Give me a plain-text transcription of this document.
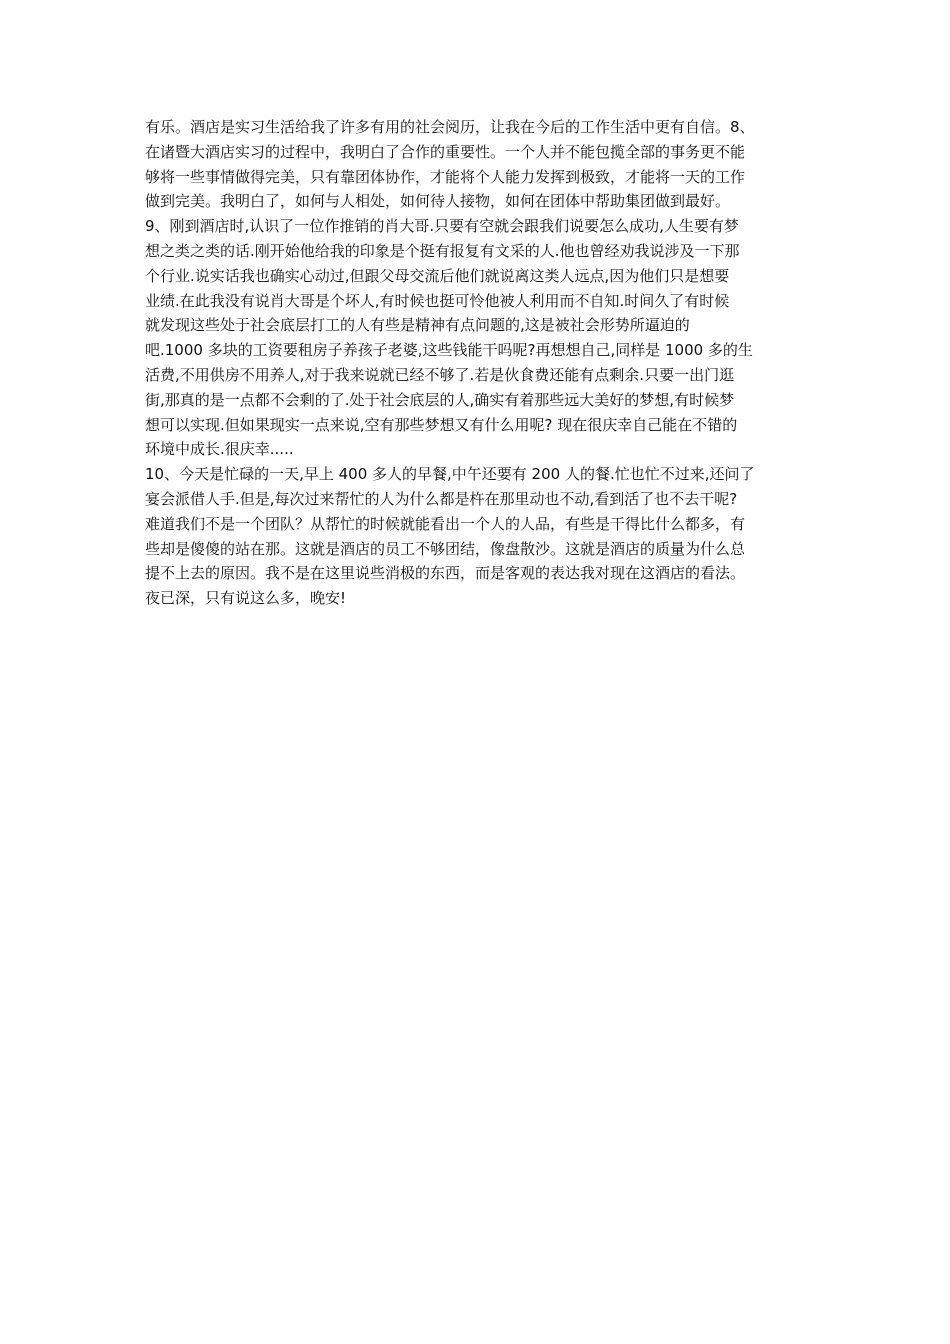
有乐。酒店是实习生活给我了许多有用的社会阅历，让我在今后的工作生活中更有自信。8、
在诸暨大酒店实习的过程中，我明白了合作的重要性。一个人并不能包揽全部的事务更不能
够将一些事情做得完美，只有靠团体协作，才能将个人能力发挥到极致，才能将一天的工作
做到完美。我明白了，如何与人相处，如何待人接物，如何在团体中帮助集团做到最好。
9、刚到酒店时,认识了一位作推销的肖大哥.只要有空就会跟我们说要怎么成功,人生要有梦
想之类之类的话.刚开始他给我的印象是个挺有报复有文采的人.他也曾经劝我说涉及一下那
个行业.说实话我也确实心动过,但跟父母交流后他们就说离这类人远点,因为他们只是想要
业绩.在此我没有说肖大哥是个坏人,有时候也挺可怜他被人利用而不自知.时间久了有时候
就发现这些处于社会底层打工的人有些是精神有点问题的,这是被社会形势所逼迫的
吧.1000 多块的工资要租房子养孩子老婆,这些钱能干吗呢?再想想自己,同样是 1000 多的生
活费,不用供房不用养人,对于我来说就已经不够了.若是伙食费还能有点剩余.只要一出门逛
街,那真的是一点都不会剩的了.处于社会底层的人,确实有着那些远大美好的梦想,有时候梦
想可以实现.但如果现实一点来说,空有那些梦想又有什么用呢? 现在很庆幸自己能在不错的
环境中成长.很庆幸.....
10、今天是忙碌的一天,早上 400 多人的早餐,中午还要有 200 人的餐.忙也忙不过来,还问了
宴会派借人手.但是,每次过来帮忙的人为什么都是杵在那里动也不动,看到活了也不去干呢?
难道我们不是一个团队？从帮忙的时候就能看出一个人的人品，有些是干得比什么都多，有
些却是傻傻的站在那。这就是酒店的员工不够团结，像盘散沙。这就是酒店的质量为什么总
提不上去的原因。我不是在这里说些消极的东西，而是客观的表达我对现在这酒店的看法。
夜已深，只有说这么多，晚安!
